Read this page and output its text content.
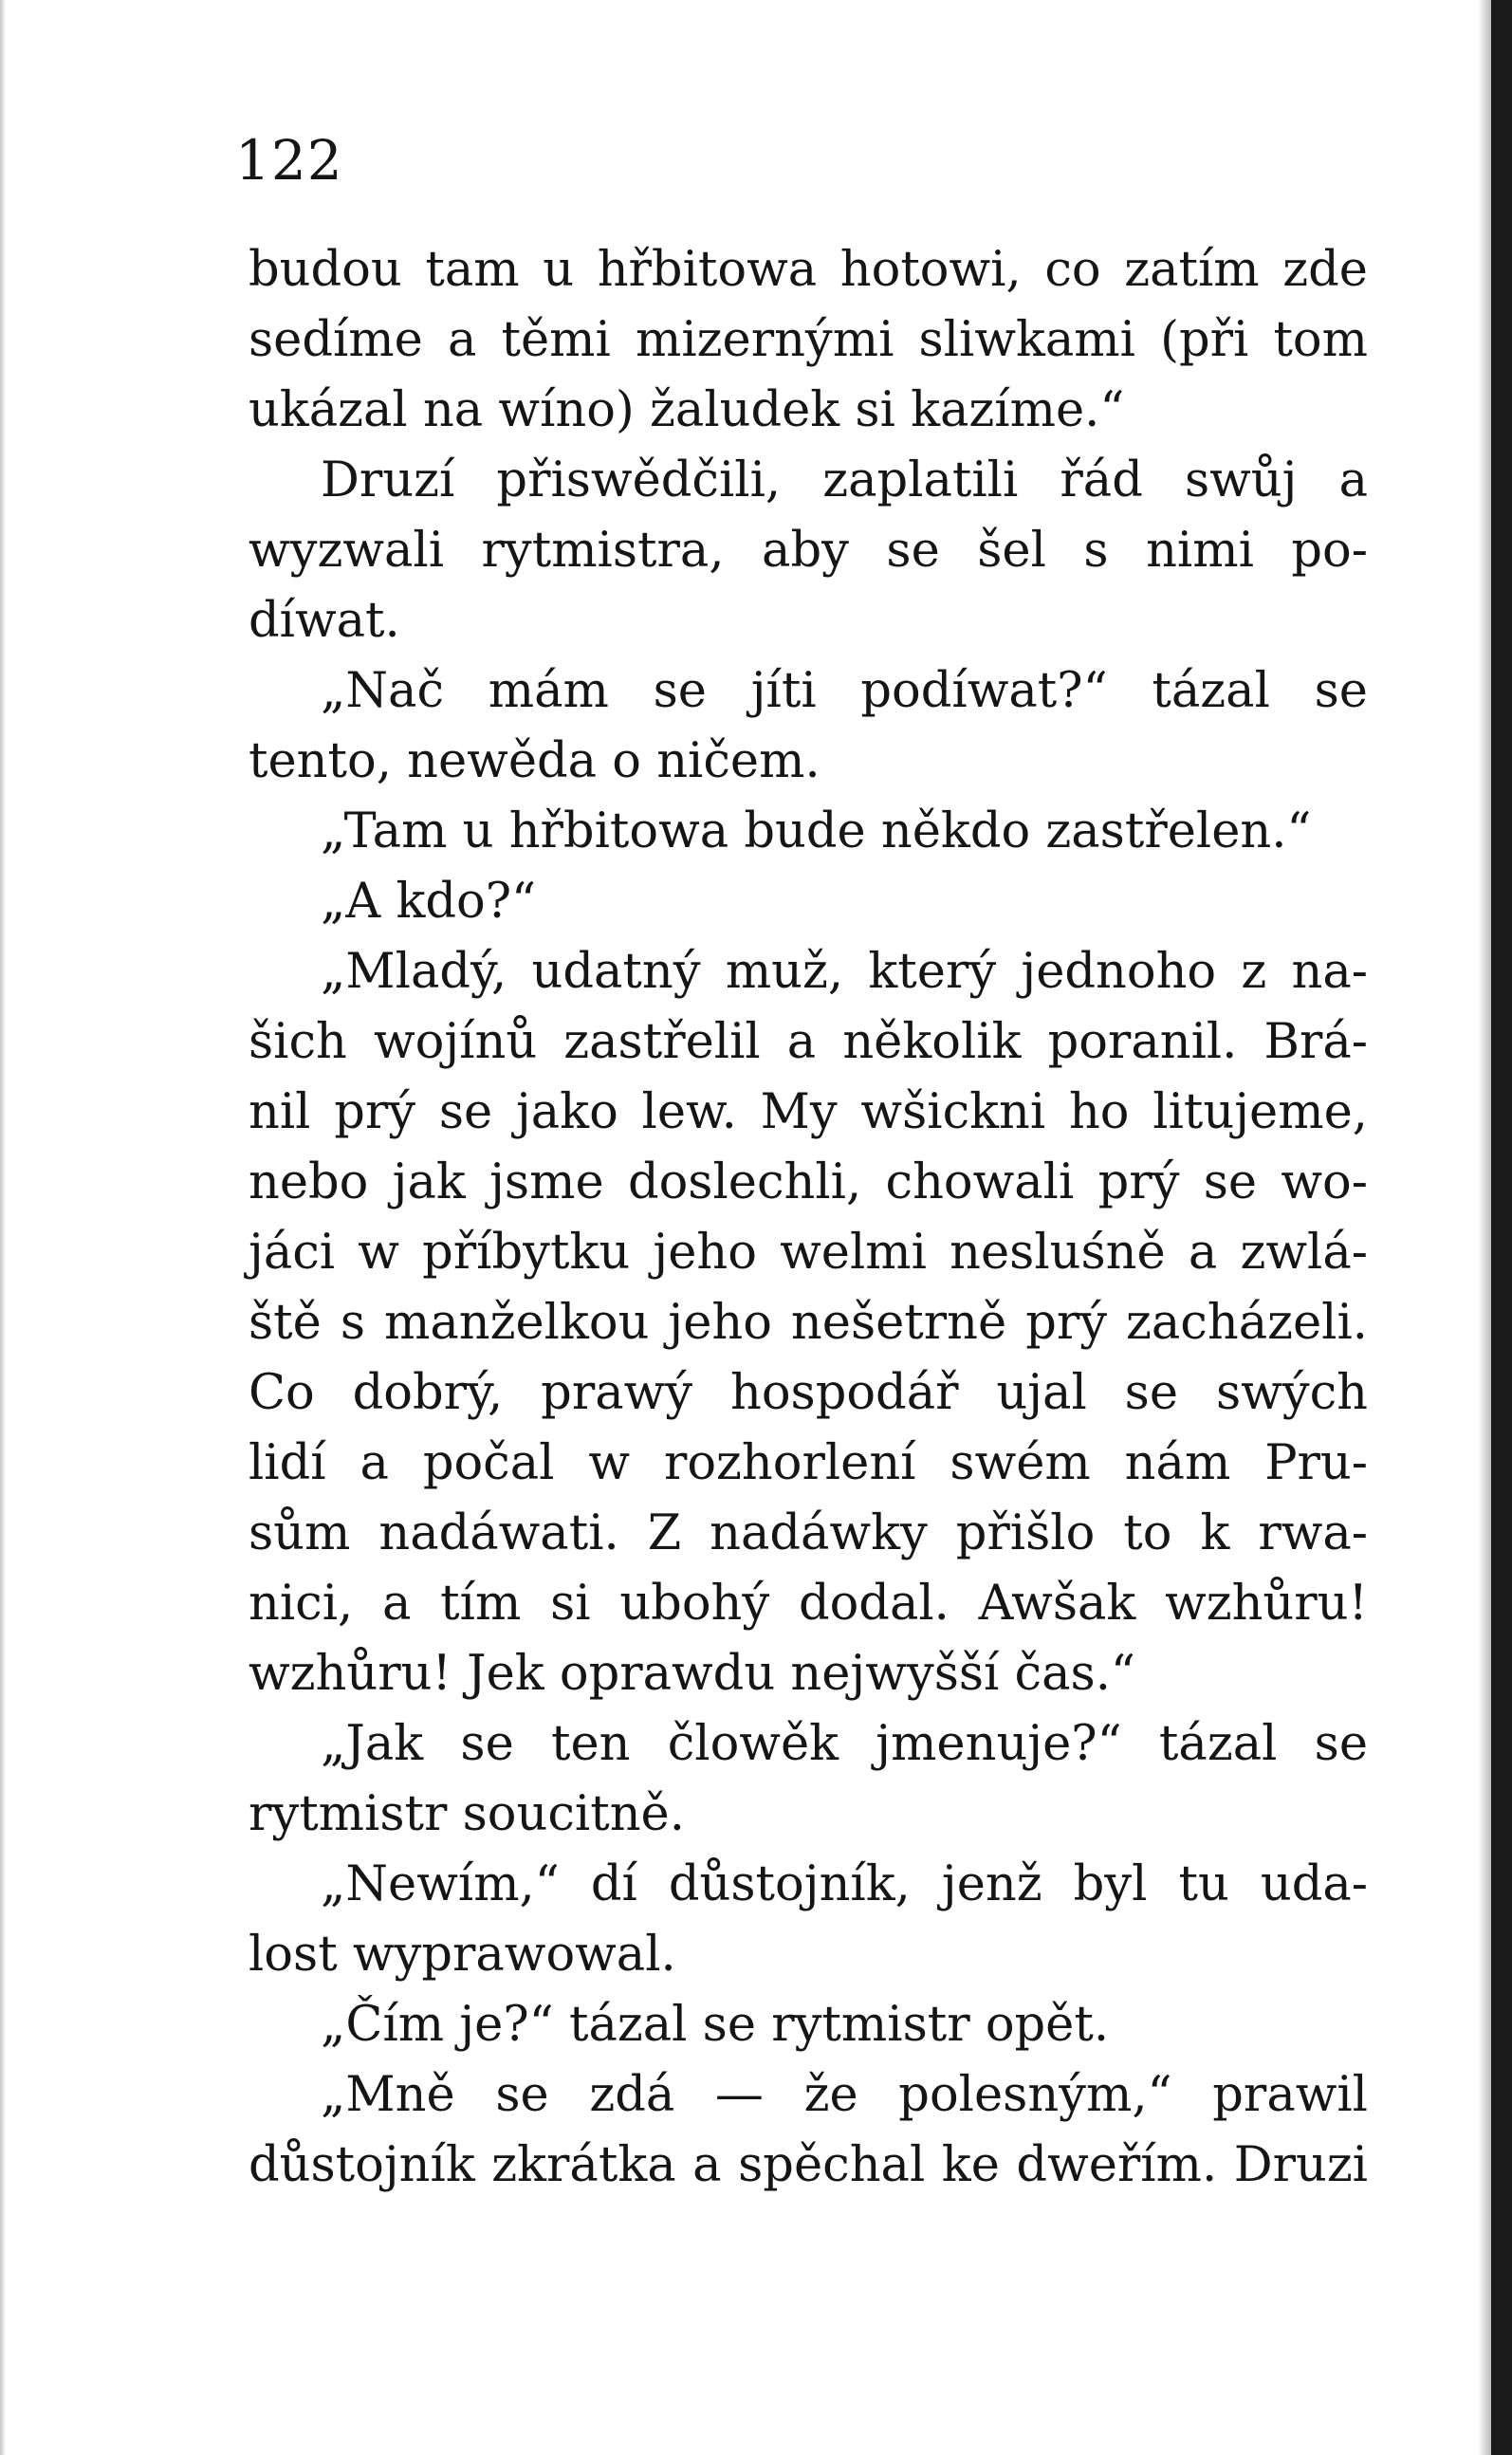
122
budou tam u hřbitowa hotowi, co zatím zde
sedíme a těmi mizernými sliwkami (při tom
ukázal na wíno) žaludek si kazíme.“
Druzí přiswědčili, zaplatili řád swůj a
wyzwali rytmistra, aby se šel s nimi po-
díwat.
„Nač mám se jíti podíwat?“ tázal se
tento, newěda o ničem.
„Tam u hřbitowa bude někdo zastřelen.“
„A kdo?“
„Mladý, udatný muž, který jednoho z na-
šich wojínů zastřelil a několik poranil. Brá-
nil prý se jako lew. My wšickni ho litujeme,
nebo jak jsme doslechli, chowali prý se wo-
jáci w příbytku jeho welmi nesluśně a zwlá-
ště s manželkou jeho nešetrně prý zacházeli.
Co dobrý, prawý hospodář ujal se swých
lidí a počal w rozhorlení swém nám Pru-
sům nadáwati. Z nadáwky přišlo to k rwa-
nici, a tím si ubohý dodal. Awšak wzhůru!
wzhůru! Jek oprawdu nejwyšší čas.“
„Jak se ten člowěk jmenuje?“ tázal se
rytmistr soucitně.
„Newím,“ dí důstojník, jenž byl tu uda-
lost wyprawowal.
„Čím je?“ tázal se rytmistr opět.
„Mně se zdá — že polesným,“ prawil
důstojník zkrátka a spěchal ke dweřím. Druzi
